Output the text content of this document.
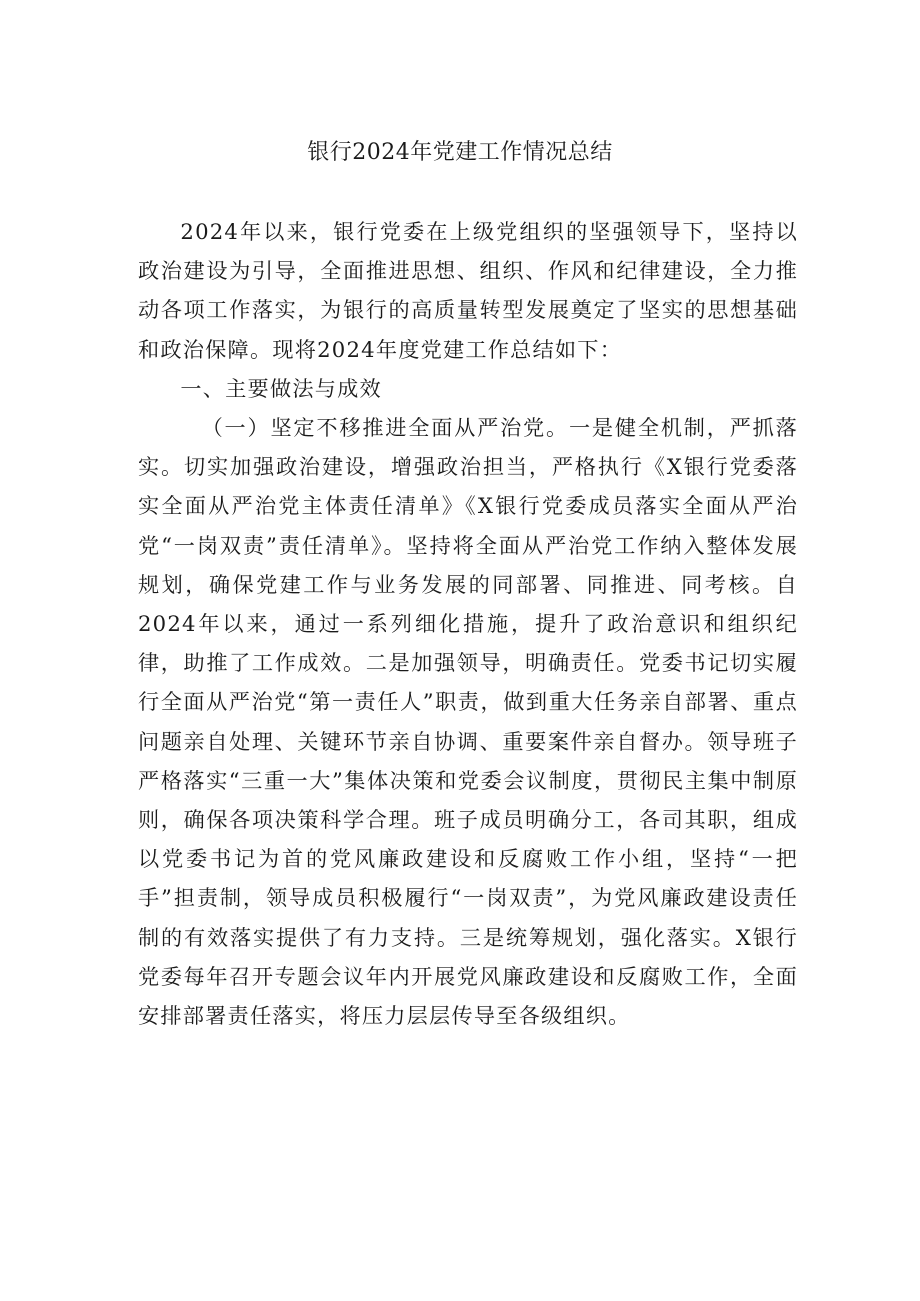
银行2024年党建工作情况总结

2024年以来，银行党委在上级党组织的坚强领导下，坚持以政治建设为引导，全面推进思想、组织、作风和纪律建设，全力推动各项工作落实，为银行的高质量转型发展奠定了坚实的思想基础和政治保障。现将2024年度党建工作总结如下：

一、主要做法与成效

（一）坚定不移推进全面从严治党。一是健全机制，严抓落实。切实加强政治建设，增强政治担当，严格执行《X银行党委落实全面从严治党主体责任清单》《X银行党委成员落实全面从严治党“一岗双责”责任清单》。坚持将全面从严治党工作纳入整体发展规划，确保党建工作与业务发展的同部署、同推进、同考核。自2024年以来，通过一系列细化措施，提升了政治意识和组织纪律，助推了工作成效。二是加强领导，明确责任。党委书记切实履行全面从严治党“第一责任人”职责，做到重大任务亲自部署、重点问题亲自处理、关键环节亲自协调、重要案件亲自督办。领导班子严格落实“三重一大”集体决策和党委会议制度，贯彻民主集中制原则，确保各项决策科学合理。班子成员明确分工，各司其职，组成以党委书记为首的党风廉政建设和反腐败工作小组，坚持“一把手”担责制，领导成员积极履行“一岗双责”，为党风廉政建设责任制的有效落实提供了有力支持。三是统筹规划，强化落实。X银行党委每年召开专题会议年内开展党风廉政建设和反腐败工作，全面安排部署责任落实，将压力层层传导至各级组织。
